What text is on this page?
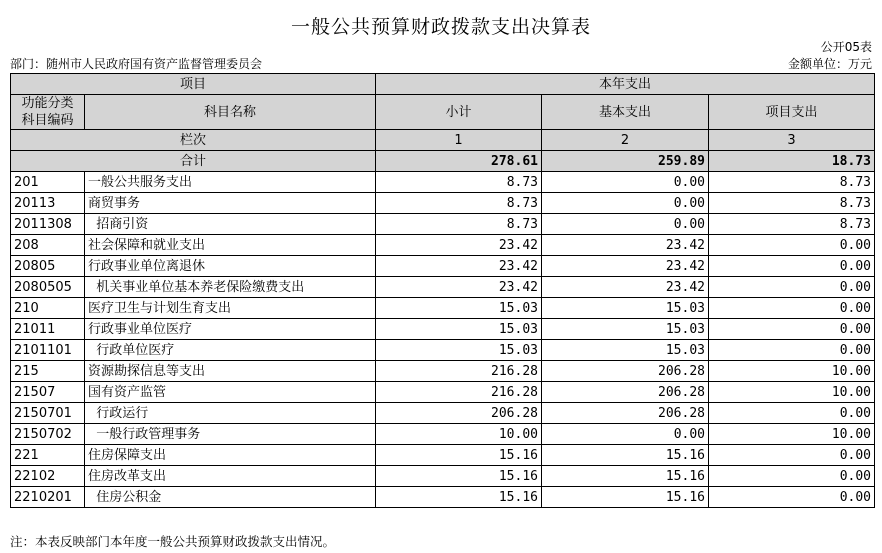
一般公共预算财政拨款支出决算表
公开05表
部门：随州市人民政府国有资产监督管理委员会	金额单位：万元
项目		本年支出		
功能分类
科目编码	科目名称	小计	基本支出	项目支出
栏次		1	2	3
合计		278.61	259.89	18.73
201	一般公共服务支出	8.73	0.00	8.73
20113	商贸事务	8.73	0.00	8.73
2011308	招商引资	8.73	0.00	8.73
208	社会保障和就业支出	23.42	23.42	0.00
20805	行政事业单位离退休	23.42	23.42	0.00
2080505	机关事业单位基本养老保险缴费支出	23.42	23.42	0.00
210	医疗卫生与计划生育支出	15.03	15.03	0.00
21011	行政事业单位医疗	15.03	15.03	0.00
2101101	行政单位医疗	15.03	15.03	0.00
215	资源勘探信息等支出	216.28	206.28	10.00
21507	国有资产监管	216.28	206.28	10.00
2150701	行政运行	206.28	206.28	0.00
2150702	一般行政管理事务	10.00	0.00	10.00
221	住房保障支出	15.16	15.16	0.00
22102	住房改革支出	15.16	15.16	0.00
2210201	住房公积金	15.16	15.16	0.00
注：本表反映部门本年度一般公共预算财政拨款支出情况。
